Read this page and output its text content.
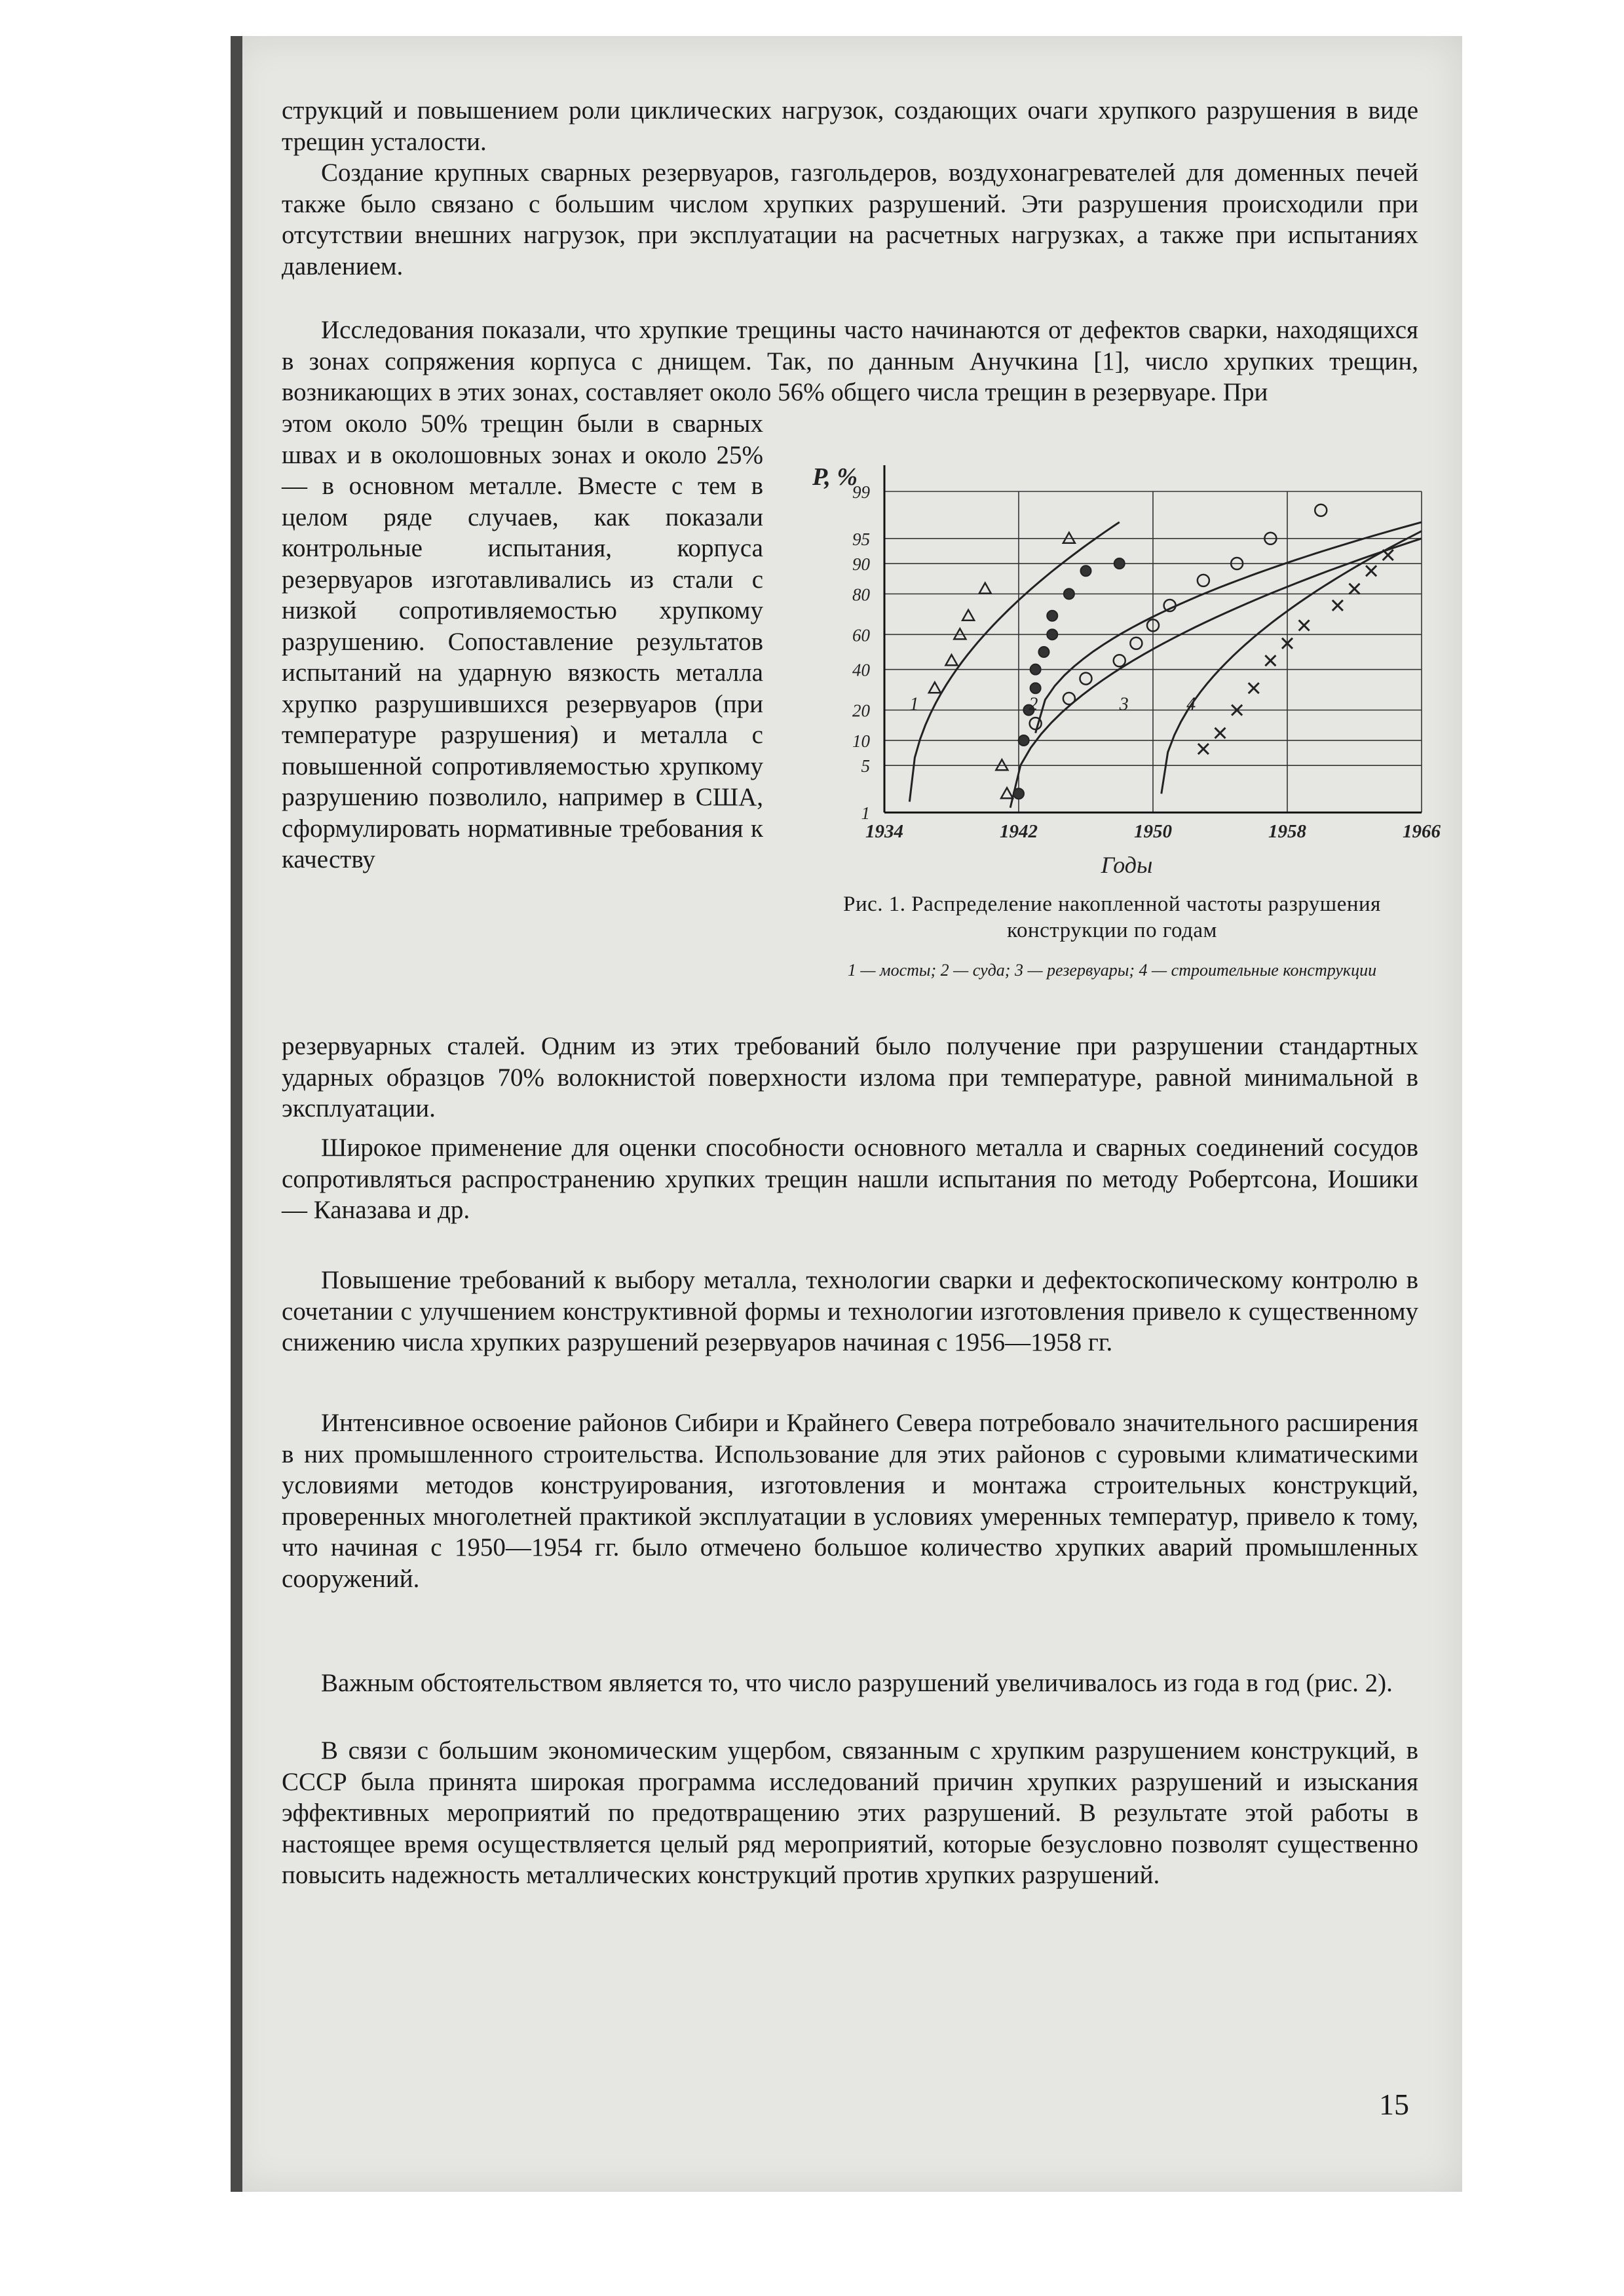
струкций и повышением роли циклических нагрузок, создающих очаги хрупкого разрушения в виде трещин усталости.

Создание крупных сварных резервуаров, газгольдеров, воздухонагревателей для доменных печей также было связано с большим числом хрупких разрушений. Эти разрушения происходили при отсутствии внешних нагрузок, при эксплуатации на расчетных нагрузках, а также при испытаниях давлением.

Исследования показали, что хрупкие трещины часто начинаются от дефектов сварки, находящихся в зонах сопряжения корпуса с днищем. Так, по данным Анучкина [1], число хрупких трещин, возникающих в этих зонах, составляет около 56% общего числа трещин в резервуаре. При

этом около 50% трещин были в сварных швах и в околошовных зонах и около 25% — в основном металле. Вместе с тем в целом ряде случаев, как показали контрольные испытания, корпуса резервуаров изготавливались из стали с низкой сопротивляемостью хрупкому разрушению. Сопоставление результатов испытаний на ударную вязкость металла хрупко разрушившихся резервуаров (при температуре разрушения) и металла с повышенной сопротивляемостью хрупкому разрушению позволило, например в США, сформулировать нормативные требования к качеству

резервуарных сталей. Одним из этих требований было получение при разрушении стандартных ударных образцов 70% волокнистой поверхности излома при температуре, равной минимальной в эксплуатации.

Широкое применение для оценки способности основного металла и сварных соединений сосудов сопротивляться распространению хрупких трещин нашли испытания по методу Робертсона, Иошики — Каназава и др.

Повышение требований к выбору металла, технологии сварки и дефектоскопическому контролю в сочетании с улучшением конструктивной формы и технологии изготовления привело к существенному снижению числа хрупких разрушений резервуаров начиная с 1956—1958 гг.

Интенсивное освоение районов Сибири и Крайнего Севера потребовало значительного расширения в них промышленного строительства. Использование для этих районов с суровыми климатическими условиями методов конструирования, изготовления и монтажа строительных конструкций, проверенных многолетней практикой эксплуатации в условиях умеренных температур, привело к тому, что начиная с 1950—1954 гг. было отмечено большое количество хрупких аварий промышленных сооружений.

Важным обстоятельством является то, что число разрушений увеличивалось из года в год (рис. 2).

В связи с большим экономическим ущербом, связанным с хрупким разрушением конструкций, в СССР была принята широкая программа исследований причин хрупких разрушений и изыскания эффективных мероприятий по предотвращению этих разрушений. В результате этой работы в настоящее время осуществляется целый ряд мероприятий, которые безусловно позволят существенно повысить надежность металлических конструкций против хрупких разрушений.

1
5
10
20
40
60
80
90
95
99
1934	1942	1950	1958	1966
P, %
Годы
1	2	3	4
Рис. 1. Распределение накопленной частоты разрушения конструкции по годам
1 — мосты; 2 — суда; 3 — резервуары; 4 — строительные конструкции
15
